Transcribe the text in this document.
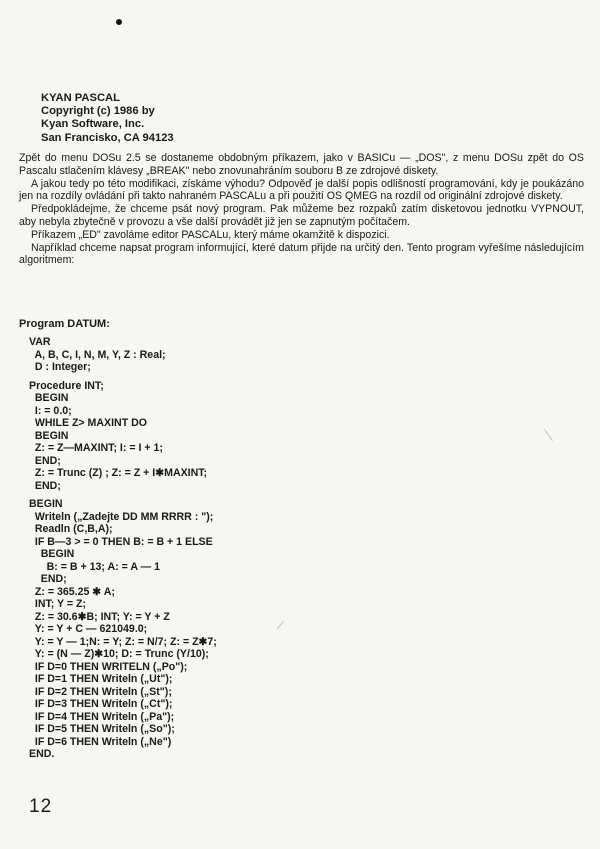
KYAN PASCAL
Copyright (c) 1986 by
Kyan Software, Inc.
San Francisko, CA 94123

Zpět do menu DOSu 2.5 se dostaneme obdobným příkazem, jako v BASICu — „DOS", z menu DOSu zpět do OS Pascalu stlačením klávesy „BREAK" nebo znovunahráním souboru B ze zdrojové diskety.

A jakou tedy po této modifikaci, získáme výhodu? Odpověď je další popis odlišností programování, kdy je poukázáno jen na rozdíly ovládání při takto nahraném PASCALu a při použití OS QMEG na rozdíl od originální zdrojové diskety.

Předpokládejme, že chceme psát nový program. Pak můžeme bez rozpaků zatím disketovou jednotku VYPNOUT, aby nebyla zbytečně v provozu a vše další provádět již jen se zapnutým počítačem.

Příkazem „ED" zavoláme editor PASCALu, který máme okamžitě k dispozici.

Například chceme napsat program informující, které datum přijde na určitý den. Tento program vyřešíme následujícím algoritmem:

Program DATUM:
VAR
A, B, C, I, N, M, Y, Z : Real;
D : Integer;
Procedure INT;
BEGIN
I: = 0.0;
WHILE Z> MAXINT DO
BEGIN
Z: = Z—MAXINT; I: = I + 1;
END;
Z: = Trunc (Z) ; Z: = Z + I✱MAXINT;
END;
BEGIN
Writeln („Zadejte DD MM RRRR : ");
Readln (C,B,A);
IF B—3 > = 0 THEN B: = B + 1 ELSE
BEGIN
B: = B + 13; A: = A — 1
END;
Z: = 365.25 ✱ A;
INT; Y = Z;
Z: = 30.6✱B; INT; Y: = Y + Z
Y: = Y + C — 621049.0;
Y: = Y — 1;N: = Y; Z: = N/7; Z: = Z✱7;
Y: = (N — Z)✱10; D: = Trunc (Y/10);
IF D=0 THEN WRITELN („Po");
IF D=1 THEN Writeln („Ut");
IF D=2 THEN Writeln („St");
IF D=3 THEN Writeln („Ct");
IF D=4 THEN Writeln („Pa");
IF D=5 THEN Writeln („So");
IF D=6 THEN Writeln („Ne")
END.
12
